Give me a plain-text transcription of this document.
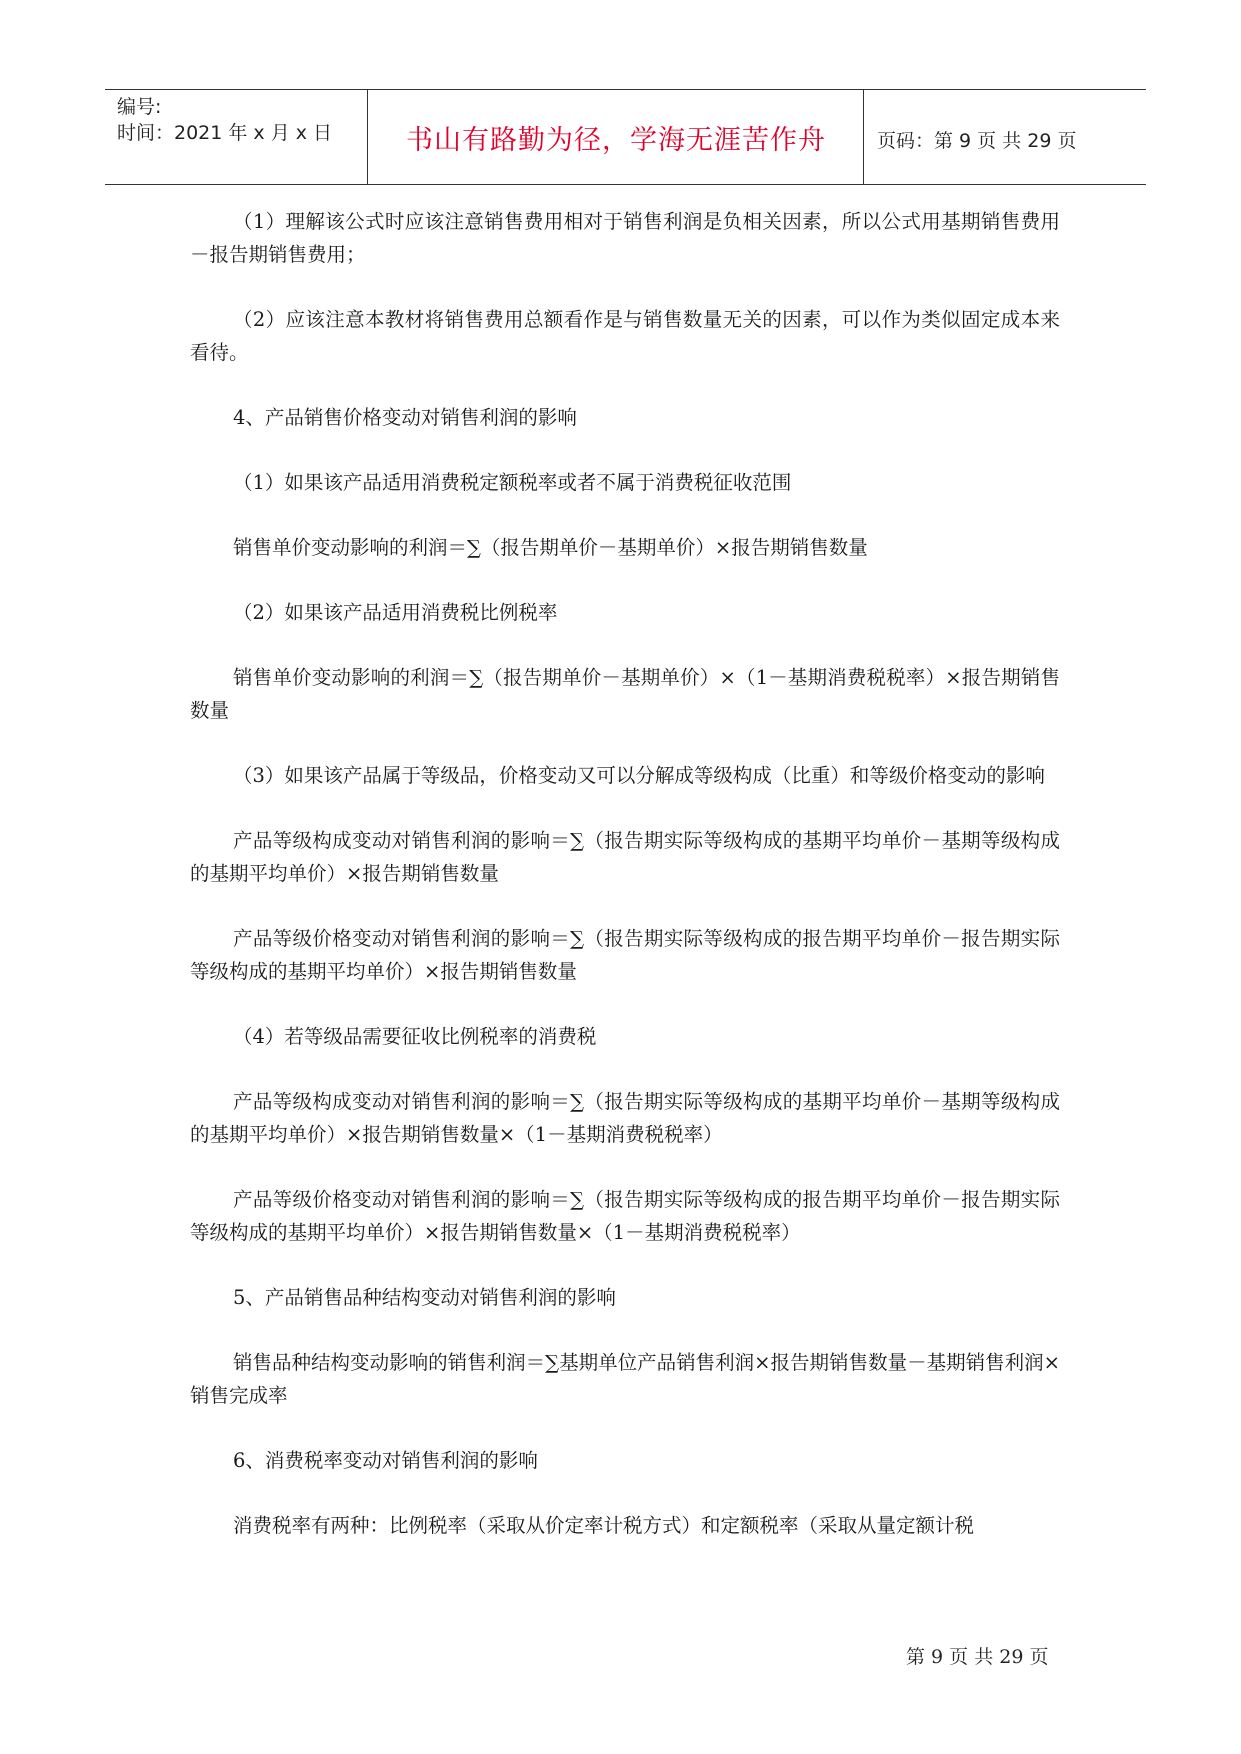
编号:
时间：2021 年 x 月 x 日	书山有路勤为径，学海无涯苦作舟	页码：第 9 页 共 29 页

（1）理解该公式时应该注意销售费用相对于销售利润是负相关因素，所以公式用基期销售费用－报告期销售费用；

（2）应该注意本教材将销售费用总额看作是与销售数量无关的因素，可以作为类似固定成本来看待。

4、产品销售价格变动对销售利润的影响

（1）如果该产品适用消费税定额税率或者不属于消费税征收范围

销售单价变动影响的利润＝∑（报告期单价－基期单价）×报告期销售数量

（2）如果该产品适用消费税比例税率

销售单价变动影响的利润＝∑（报告期单价－基期单价）×（1－基期消费税税率）×报告期销售数量

（3）如果该产品属于等级品，价格变动又可以分解成等级构成（比重）和等级价格变动的影响

产品等级构成变动对销售利润的影响＝∑（报告期实际等级构成的基期平均单价－基期等级构成的基期平均单价）×报告期销售数量

产品等级价格变动对销售利润的影响＝∑（报告期实际等级构成的报告期平均单价－报告期实际等级构成的基期平均单价）×报告期销售数量

（4）若等级品需要征收比例税率的消费税

产品等级构成变动对销售利润的影响＝∑（报告期实际等级构成的基期平均单价－基期等级构成的基期平均单价）×报告期销售数量×（1－基期消费税税率）

产品等级价格变动对销售利润的影响＝∑（报告期实际等级构成的报告期平均单价－报告期实际等级构成的基期平均单价）×报告期销售数量×（1－基期消费税税率）

5、产品销售品种结构变动对销售利润的影响

销售品种结构变动影响的销售利润＝∑基期单位产品销售利润×报告期销售数量－基期销售利润×销售完成率

6、消费税率变动对销售利润的影响

消费税率有两种：比例税率（采取从价定率计税方式）和定额税率（采取从量定额计税

第 9 页 共 29 页
